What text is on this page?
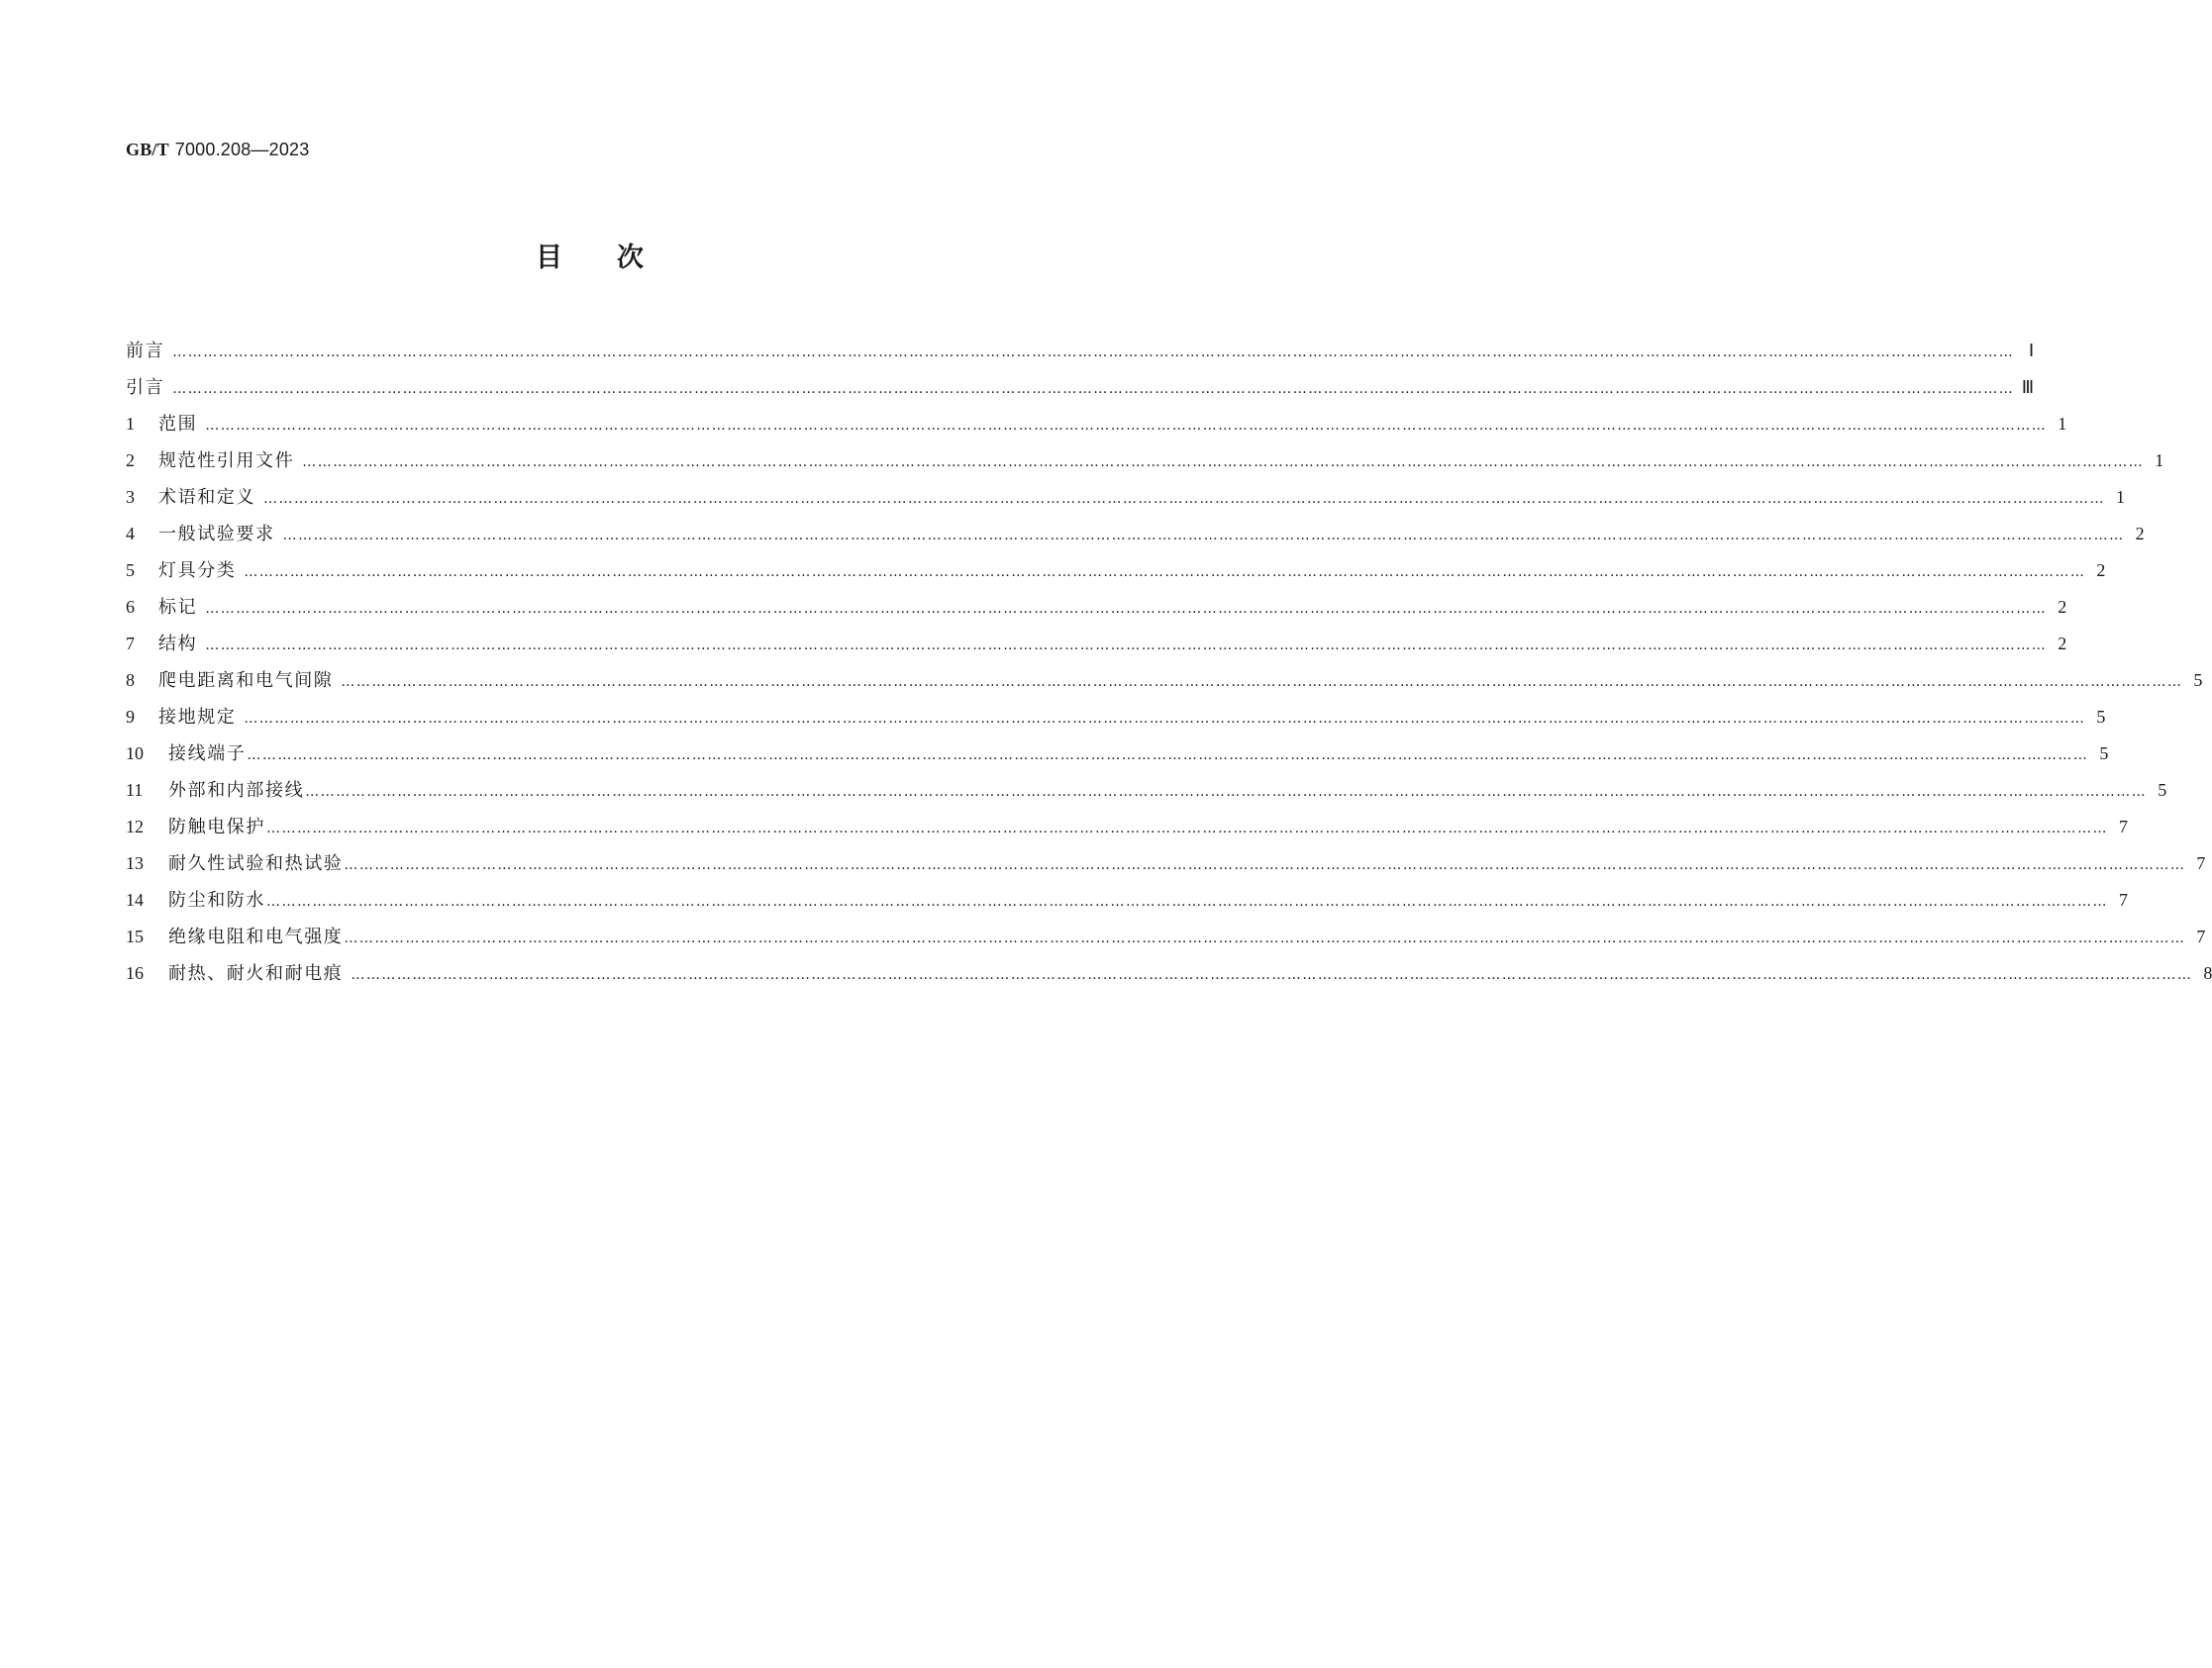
GB/T 7000.208—2023
目次
前言 ……………………………………………………………………………………………………………………………………………………………………………………………………………………………………………………………………………………………………………………………… Ⅰ
引言 ……………………………………………………………………………………………………………………………………………………………………………………………………………………………………………………………………………………………………………………………… Ⅲ
1	范围 ……………………………………………………………………………………………………………………………………………………………………………………………………………………………………………………………………………………………………………………………… 1
2	规范性引用文件 ……………………………………………………………………………………………………………………………………………………………………………………………………………………………………………………………………………………………………………………………… 1
3	术语和定义 ……………………………………………………………………………………………………………………………………………………………………………………………………………………………………………………………………………………………………………………………… 1
4	一般试验要求 ……………………………………………………………………………………………………………………………………………………………………………………………………………………………………………………………………………………………………………………………… 2
5	灯具分类 ……………………………………………………………………………………………………………………………………………………………………………………………………………………………………………………………………………………………………………………………… 2
6	标记 ……………………………………………………………………………………………………………………………………………………………………………………………………………………………………………………………………………………………………………………………… 2
7	结构 ……………………………………………………………………………………………………………………………………………………………………………………………………………………………………………………………………………………………………………………………… 2
8	爬电距离和电气间隙 ……………………………………………………………………………………………………………………………………………………………………………………………………………………………………………………………………………………………………………………………… 5
9	接地规定 ……………………………………………………………………………………………………………………………………………………………………………………………………………………………………………………………………………………………………………………………… 5
10	接线端子 ……………………………………………………………………………………………………………………………………………………………………………………………………………………………………………………………………………………………………………………………… 5
11	外部和内部接线 ……………………………………………………………………………………………………………………………………………………………………………………………………………………………………………………………………………………………………………………………… 5
12	防触电保护 ……………………………………………………………………………………………………………………………………………………………………………………………………………………………………………………………………………………………………………………………… 7
13	耐久性试验和热试验 ……………………………………………………………………………………………………………………………………………………………………………………………………………………………………………………………………………………………………………………………… 7
14	防尘和防水 ……………………………………………………………………………………………………………………………………………………………………………………………………………………………………………………………………………………………………………………………… 7
15	绝缘电阻和电气强度 ……………………………………………………………………………………………………………………………………………………………………………………………………………………………………………………………………………………………………………………………… 7
16	耐热、耐火和耐电痕 ……………………………………………………………………………………………………………………………………………………………………………………………………………………………………………………………………………………………………………………………… 8
